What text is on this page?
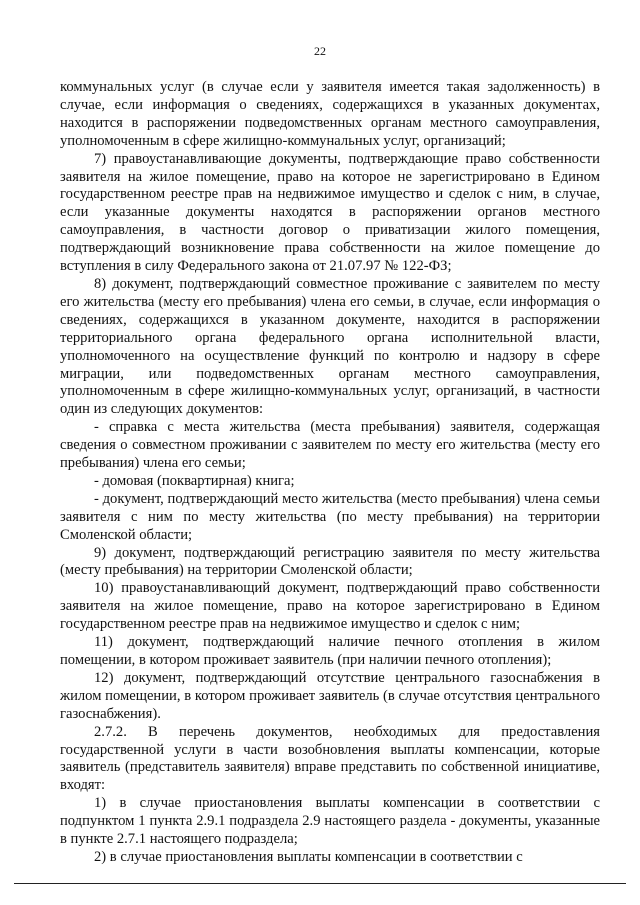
22

коммунальных услуг (в случае если у заявителя имеется такая задолженность) в случае, если информация о сведениях, содержащихся в указанных документах, находится в распоряжении подведомственных органам местного самоуправления, уполномоченным в сфере жилищно-коммунальных услуг, организаций;

7) правоустанавливающие документы, подтверждающие право собственности заявителя на жилое помещение, право на которое не зарегистрировано в Едином государственном реестре прав на недвижимое имущество и сделок с ним, в случае, если указанные документы находятся в распоряжении органов местного самоуправления, в частности договор о приватизации жилого помещения, подтверждающий возникновение права собственности на жилое помещение до вступления в силу Федерального закона от 21.07.97 № 122-ФЗ;

8) документ, подтверждающий совместное проживание с заявителем по месту его жительства (месту его пребывания) члена его семьи, в случае, если информация о сведениях, содержащихся в указанном документе, находится в распоряжении территориального органа федерального органа исполнительной власти, уполномоченного на осуществление функций по контролю и надзору в сфере миграции, или подведомственных органам местного самоуправления, уполномоченным в сфере жилищно-коммунальных услуг, организаций, в частности один из следующих документов:

- справка с места жительства (места пребывания) заявителя, содержащая сведения о совместном проживании с заявителем по месту его жительства (месту его пребывания) члена его семьи;

- домовая (поквартирная) книга;

- документ, подтверждающий место жительства (место пребывания) члена семьи заявителя с ним по месту жительства (по месту пребывания) на территории Смоленской области;

9) документ, подтверждающий регистрацию заявителя по месту жительства (месту пребывания) на территории Смоленской области;

10) правоустанавливающий документ, подтверждающий право собственности заявителя на жилое помещение, право на которое зарегистрировано в Едином государственном реестре прав на недвижимое имущество и сделок с ним;

11) документ, подтверждающий наличие печного отопления в жилом помещении, в котором проживает заявитель (при наличии печного отопления);

12) документ, подтверждающий отсутствие центрального газоснабжения в жилом помещении, в котором проживает заявитель (в случае отсутствия центрального газоснабжения).

2.7.2. В перечень документов, необходимых для предоставления государственной услуги в части возобновления выплаты компенсации, которые заявитель (представитель заявителя) вправе представить по собственной инициативе, входят:

1) в случае приостановления выплаты компенсации в соответствии с подпунктом 1 пункта 2.9.1 подраздела 2.9 настоящего раздела - документы, указанные в пункте 2.7.1 настоящего подраздела;

2) в случае приостановления выплаты компенсации в соответствии с
